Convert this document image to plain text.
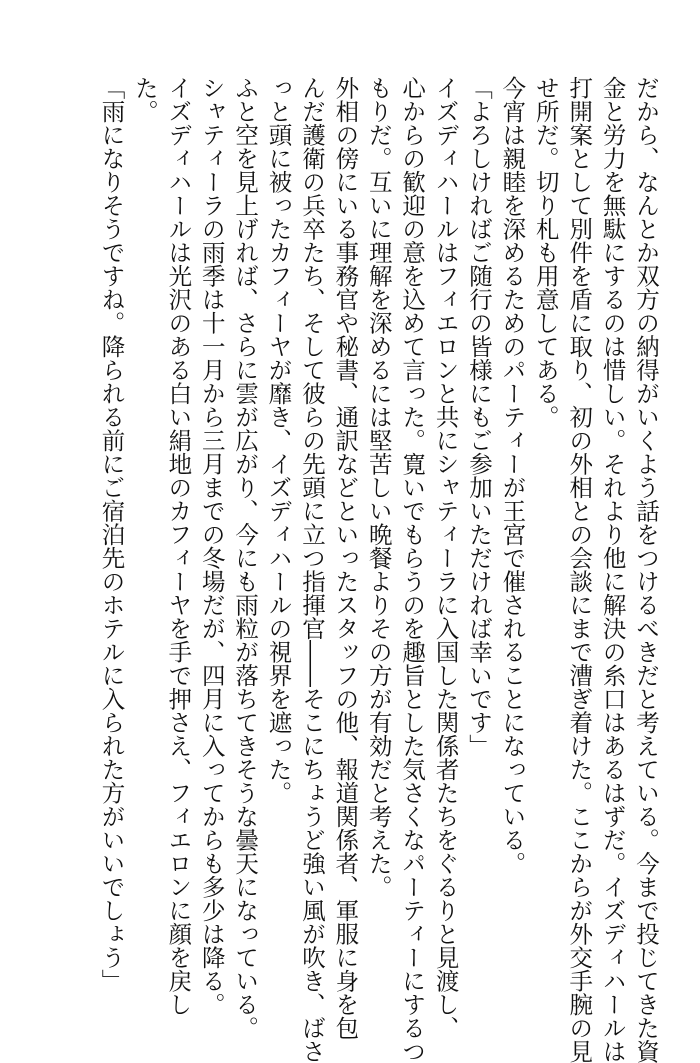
だから、なんとか双方の納得がいくよう話をつけるべきだと考えている。今まで投じてきた資
金と労力を無駄にするのは惜しい。それより他に解決の糸口はあるはずだ。イズディハールは
打開案として別件を盾に取り、初の外相との会談にまで漕ぎ着けた。ここからが外交手腕の見
せ所だ。切り札も用意してある。
今宵は親睦を深めるためのパーティーが王宮で催されることになっている。
「よろしければご随行の皆様にもご参加いただければ幸いです」
イズディハールはフィエロンと共にシャティーラに入国した関係者たちをぐるりと見渡し、
心からの歓迎の意を込めて言った。寛いでもらうのを趣旨とした気さくなパーティーにするつ
もりだ。互いに理解を深めるには堅苦しい晩餐よりその方が有効だと考えた。
外相の傍にいる事務官や秘書、通訳などといったスタッフの他、報道関係者、軍服に身を包
んだ護衛の兵卒たち、そして彼らの先頭に立つ指揮官――そこにちょうど強い風が吹き、ばさ
っと頭に被ったカフィーヤが靡き、イズディハールの視界を遮った。
ふと空を見上げれば、さらに雲が広がり、今にも雨粒が落ちてきそうな曇天になっている。
シャティーラの雨季は十一月から三月までの冬場だが、四月に入ってからも多少は降る。
イズディハールは光沢のある白い絹地のカフィーヤを手で押さえ、フィエロンに顔を戻し
た。
「雨になりそうですね。降られる前にご宿泊先のホテルに入られた方がいいでしょう」
